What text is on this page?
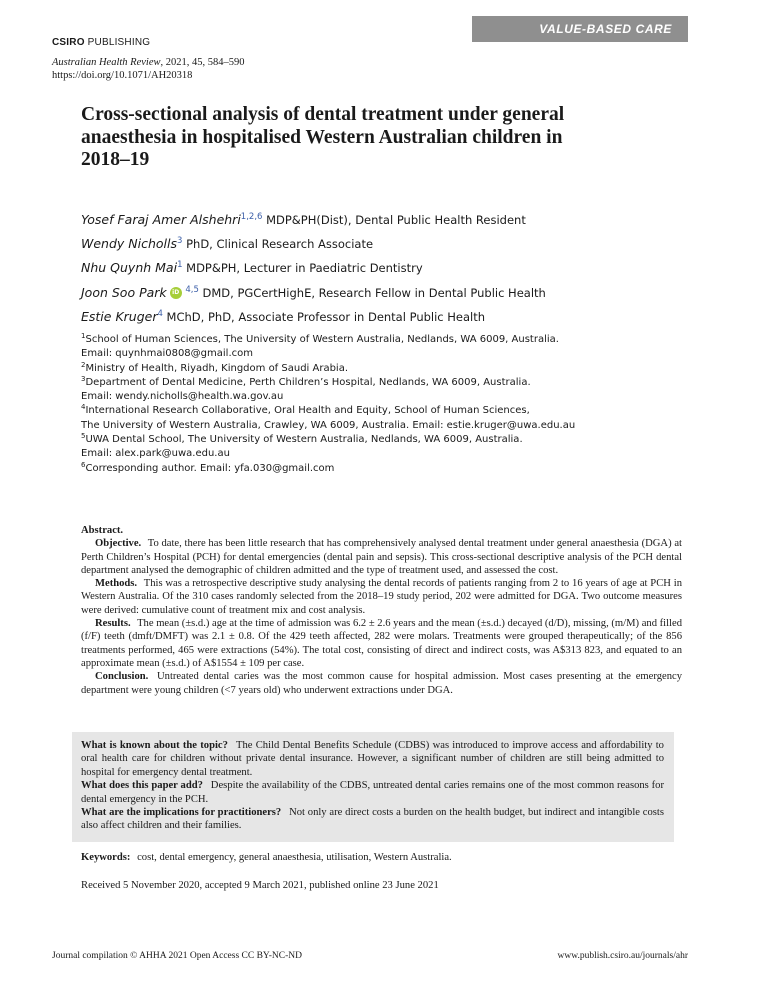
VALUE-BASED CARE
CSIRO PUBLISHING
Australian Health Review, 2021, 45, 584–590
https://doi.org/10.1071/AH20318
Cross-sectional analysis of dental treatment under general anaesthesia in hospitalised Western Australian children in 2018–19
Yosef Faraj Amer Alshehri$^{1,2,6}$ MDP&PH(Dist), Dental Public Health Resident
Wendy Nicholls$^3$ PhD, Clinical Research Associate
Nhu Quynh Mai$^1$ MDP&PH, Lecturer in Paediatric Dentistry
Joon Soo Park iD $^{4,5}$ DMD, PGCertHighE, Research Fellow in Dental Public Health
Estie Kruger$^4$ MChD, PhD, Associate Professor in Dental Public Health
$^1$School of Human Sciences, The University of Western Australia, Nedlands, WA 6009, Australia.
Email: quynhmai0808@gmail.com
$^2$Ministry of Health, Riyadh, Kingdom of Saudi Arabia.
$^3$Department of Dental Medicine, Perth Children’s Hospital, Nedlands, WA 6009, Australia.
Email: wendy.nicholls@health.wa.gov.au
$^4$International Research Collaborative, Oral Health and Equity, School of Human Sciences,
The University of Western Australia, Crawley, WA 6009, Australia. Email: estie.kruger@uwa.edu.au
$^5$UWA Dental School, The University of Western Australia, Nedlands, WA 6009, Australia.
Email: alex.park@uwa.edu.au
$^6$Corresponding author. Email: yfa.030@gmail.com
Abstract.

Objective. To date, there has been little research that has comprehensively analysed dental treatment under general anaesthesia (DGA) at Perth Children’s Hospital (PCH) for dental emergencies (dental pain and sepsis). This cross-sectional descriptive analysis of the PCH dental department analysed the demographic of children admitted and the type of treatment used, and assessed the cost.

Methods. This was a retrospective descriptive study analysing the dental records of patients ranging from 2 to 16 years of age at PCH in Western Australia. Of the 310 cases randomly selected from the 2018–19 study period, 202 were admitted for DGA. Two outcome measures were derived: cumulative count of treatment mix and cost analysis.

Results. The mean (±s.d.) age at the time of admission was 6.2 ± 2.6 years and the mean (±s.d.) decayed (d/D), missing, (m/M) and filled (f/F) teeth (dmft/DMFT) was 2.1 ± 0.8. Of the 429 teeth affected, 282 were molars. Treatments were grouped therapeutically; of the 856 treatments performed, 465 were extractions (54%). The total cost, consisting of direct and indirect costs, was A$313 823, and equated to an approximate mean (±s.d.) of A$1554 ± 109 per case.

Conclusion. Untreated dental caries was the most common cause for hospital admission. Most cases presenting at the emergency department were young children (<7 years old) who underwent extractions under DGA.

What is known about the topic? The Child Dental Benefits Schedule (CDBS) was introduced to improve access and affordability to oral health care for children without private dental insurance. However, a significant number of children are still being admitted to hospital for emergency dental treatment.

What does this paper add? Despite the availability of the CDBS, untreated dental caries remains one of the most common reasons for dental emergency in the PCH.

What are the implications for practitioners? Not only are direct costs a burden on the health budget, but indirect and intangible costs also affect children and their families.

Keywords: cost, dental emergency, general anaesthesia, utilisation, Western Australia.
Received 5 November 2020, accepted 9 March 2021, published online 23 June 2021
Journal compilation © AHHA 2021 Open Access CC BY-NC-ND	www.publish.csiro.au/journals/ahr
